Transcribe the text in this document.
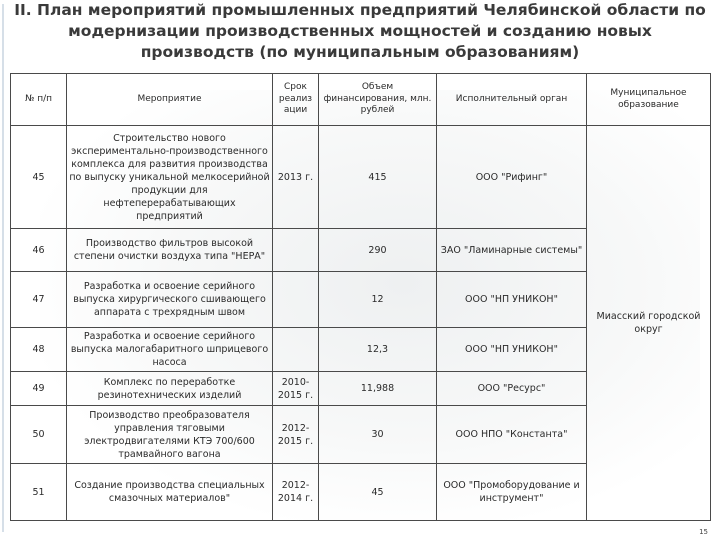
II. План мероприятий промышленных предприятий Челябинской области по
модернизации производственных мощностей и созданию новых
производств (по муниципальным образованиям)
№ п/п	Мероприятие	Срок реализ ации	Объем финансирования, млн. рублей	Исполнительный орган	Муниципальное образование
45	Строительство нового экспериментально-производственного комплекса для развития производства по выпуску уникальной мелкосерийной продукции для нефтеперерабатывающих предприятий	2013 г.	415	ООО "Рифинг"	Миасский городской округ
46	Производство фильтров высокой степени очистки воздуха типа "НЕРА"		290	ЗАО "Ламинарные системы"	
47	Разработка и освоение серийного выпуска хирургического сшивающего аппарата с трехрядным швом		12	ООО "НП УНИКОН"	
48	Разработка и освоение серийного выпуска малогабаритного шприцевого насоса		12,3	ООО "НП УНИКОН"	
49	Комплекс по переработке резинотехнических изделий	2010-2015 г.	11,988	ООО "Ресурс"	
50	Производство преобразователя управления тяговыми электродвигателями КТЭ 700/600 трамвайного вагона	2012-2015 г.	30	ООО НПО "Константа"	
51	Создание производства специальных смазочных материалов"	2012-2014 г.	45	ООО "Промоборудование и инструмент"	
15
